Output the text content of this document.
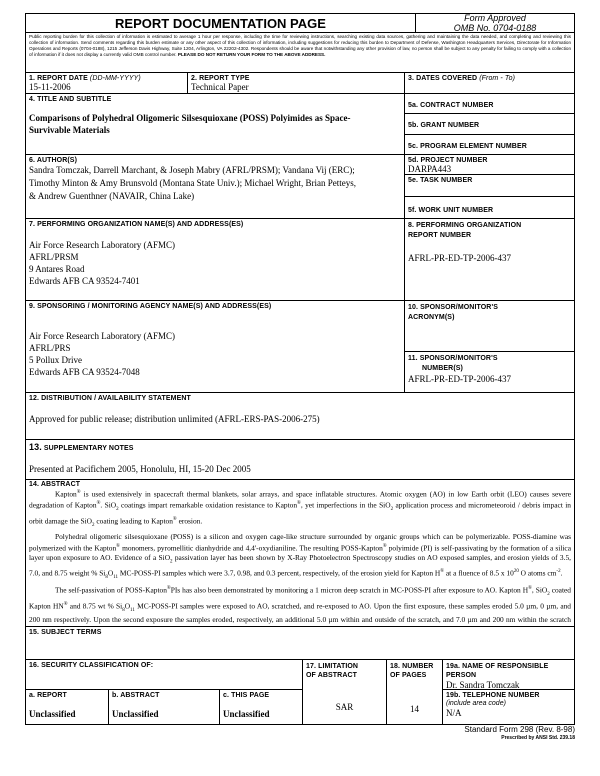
REPORT DOCUMENTATION PAGE	Form Approved
OMB No. 0704-0188
Public reporting burden for this collection of information is estimated to average 1 hour per response, including the time for reviewing instructions, searching existing data sources, gathering and maintaining the data needed, and completing and reviewing this collection of information. Send comments regarding this burden estimate or any other aspect of this collection of information, including suggestions for reducing this burden to Department of Defense, Washington Headquarters Services, Directorate for Information Operations and Reports (0704-0188), 1215 Jefferson Davis Highway, Suite 1204, Arlington, VA 22202-4302. Respondents should be aware that notwithstanding any other provision of law, no person shall be subject to any penalty for failing to comply with a collection of information if it does not display a currently valid OMB control number. PLEASE DO NOT RETURN YOUR FORM TO THE ABOVE ADDRESS.
1. REPORT DATE (DD-MM-YYYY)
15-11-2006
2. REPORT TYPE
Technical Paper
3. DATES COVERED (From - To)
4. TITLE AND SUBTITLE
Comparisons of Polyhedral Oligomeric Silsesquioxane (POSS) Polyimides as Space-
Survivable Materials
5a. CONTRACT NUMBER
5b. GRANT NUMBER
5c. PROGRAM ELEMENT NUMBER
6. AUTHOR(S)
Sandra Tomczak, Darrell Marchant, & Joseph Mabry (AFRL/PRSM); Vandana Vij (ERC);
Timothy Minton & Amy Brunsvold (Montana State Univ.); Michael Wright, Brian Petteys,
& Andrew Guenthner (NAVAIR, China Lake)
5d. PROJECT NUMBER
DARPA443
5e. TASK NUMBER
5f. WORK UNIT NUMBER
7. PERFORMING ORGANIZATION NAME(S) AND ADDRESS(ES)
Air Force Research Laboratory (AFMC)
AFRL/PRSM
9 Antares Road
Edwards AFB CA 93524-7401
8. PERFORMING ORGANIZATION
REPORT NUMBER
AFRL-PR-ED-TP-2006-437
9. SPONSORING / MONITORING AGENCY NAME(S) AND ADDRESS(ES)
Air Force Research Laboratory (AFMC)
AFRL/PRS
5 Pollux Drive
Edwards AFB CA 93524-7048
10. SPONSOR/MONITOR'S
ACRONYM(S)
11. SPONSOR/MONITOR'S
NUMBER(S)
AFRL-PR-ED-TP-2006-437
12. DISTRIBUTION / AVAILABILITY STATEMENT
Approved for public release; distribution unlimited (AFRL-ERS-PAS-2006-275)
13. SUPPLEMENTARY NOTES
Presented at Pacifichem 2005, Honolulu, HI, 15-20 Dec 2005
14. ABSTRACT

Kapton® is used extensively in spacecraft thermal blankets, solar arrays, and space inflatable structures. Atomic oxygen (AO) in low Earth orbit (LEO) causes severe degradation of Kapton®. SiO$_2$ coatings impart remarkable oxidation resistance to Kapton®, yet imperfections in the SiO$_2$ application process and micrometeoroid / debris impact in orbit damage the SiO$_2$ coating leading to Kapton® erosion.

Polyhedral oligomeric silsesquioxane (POSS) is a silicon and oxygen cage-like structure surrounded by organic groups which can be polymerizable. POSS-diamine was polymerized with the Kapton® monomers, pyromellitic dianhydride and 4,4'-oxydianiline. The resulting POSS-Kapton® polyimide (PI) is self-passivating by the formation of a silica layer upon exposure to AO. Evidence of a SiO$_2$ passivation layer has been shown by X-Ray Photoelectron Spectroscopy studies on AO exposed samples, and erosion yields of 3.5, 7.0, and 8.75 weight % $Si_8O_{11}$ MC-POSS-PI samples which were 3.7, 0.98, and 0.3 percent, respectively, of the erosion yield for Kapton H® at a fluence of 8.5 x $10^{20}$ O atoms $cm^{-2}$.

The self-passivation of POSS-Kapton®PIs has also been demonstrated by monitoring a 1 micron deep scratch in MC-POSS-PI after exposure to AO. Kapton H®, SiO$_2$ coated Kapton HN® and 8.75 wt % $Si_8O_{11}$ MC-POSS-PI samples were exposed to AO, scratched, and re-exposed to AO. Upon the first exposure, these samples eroded 5.0 µm, 0 µm, and 200 nm respectively. Upon the second exposure the samples eroded, respectively, an additional 5.0 µm within and outside of the scratch, and 7.0 µm and 200 nm within the scratch

15. SUBJECT TERMS
16. SECURITY CLASSIFICATION OF:
a. REPORT
Unclassified
b. ABSTRACT
Unclassified
c. THIS PAGE
Unclassified
17. LIMITATION
OF ABSTRACT
SAR
18. NUMBER
OF PAGES
14
19a. NAME OF RESPONSIBLE
PERSON
Dr. Sandra Tomczak
19b. TELEPHONE NUMBER
(include area code)
N/A
Standard Form 298 (Rev. 8-98)
Prescribed by ANSI Std. 239.18
